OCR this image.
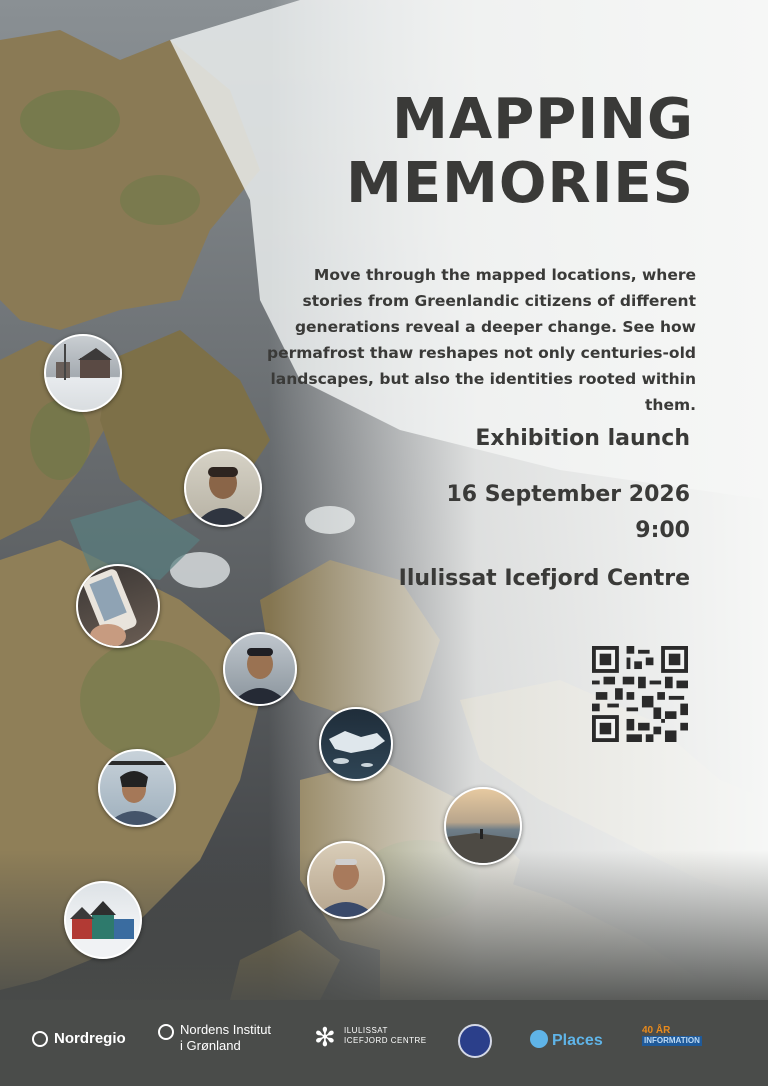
MAPPING
MEMORIES
Move through the mapped locations, where stories from Greenlandic citizens of different generations reveal a deeper change. See how permafrost thaw reshapes not only centuries-old landscapes, but also the identities rooted within them.
Exhibition launch
16 September 2026
9:00
Ilulissat Icefjord Centre
Nordregio
Nordens Institut
i Grønland	✻ ILULISSAT
ICEFJORD CENTRE	Places
40 ÅR
INFORMATION
